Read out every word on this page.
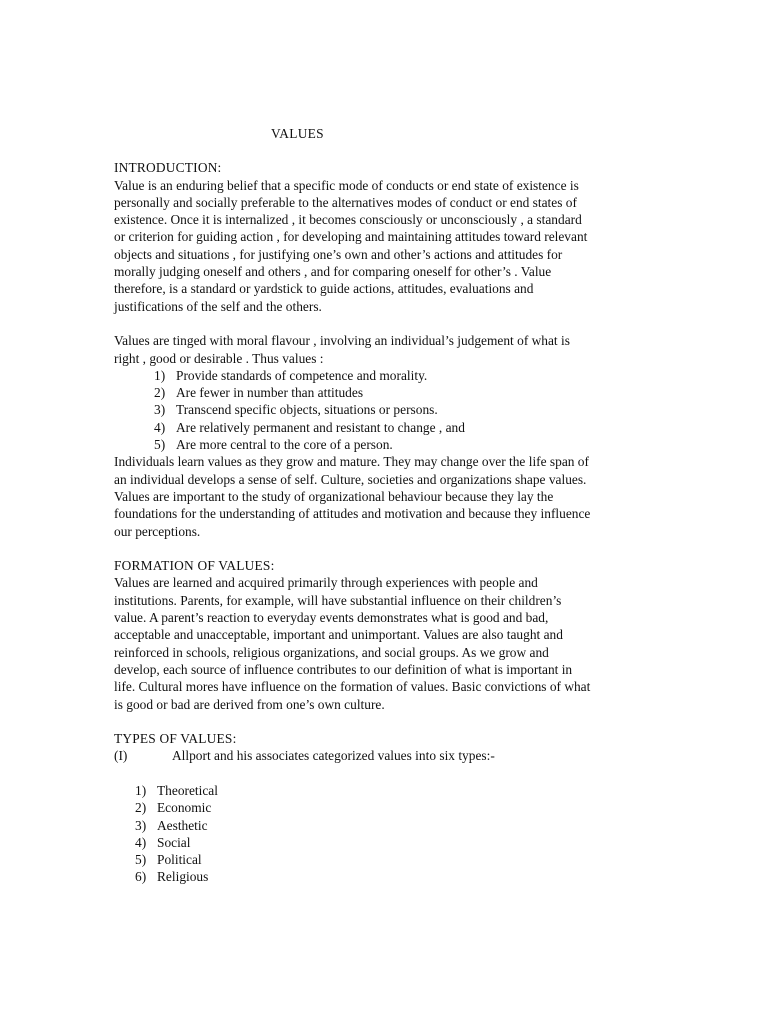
VALUES

INTRODUCTION:

Value is an enduring belief that a specific mode of conducts or end state of existence is
personally and socially preferable to the alternatives modes of conduct or end states of
existence. Once it is internalized , it becomes consciously or unconsciously , a standard
or criterion for guiding action , for developing and maintaining attitudes toward relevant
objects and situations , for justifying one’s own and other’s actions and attitudes for
morally judging oneself and others , and for comparing oneself for other’s . Value
therefore, is a standard or yardstick to guide actions, attitudes, evaluations and
justifications of the self and the others.
Values are tinged with moral flavour , involving an individual’s judgement of what is
right , good or desirable . Thus values :
1) Provide standards of competence and morality.
2) Are fewer in number than attitudes
3) Transcend specific objects, situations or persons.
4) Are relatively permanent and resistant to change , and
5) Are more central to the core of a person.
Individuals learn values as they grow and mature. They may change over the life span of
an individual develops a sense of self. Culture, societies and organizations shape values.
Values are important to the study of organizational behaviour because they lay the
foundations for the understanding of attitudes and motivation and because they influence
our perceptions.

FORMATION OF VALUES:

Values are learned and acquired primarily through experiences with people and
institutions. Parents, for example, will have substantial influence on their children’s
value. A parent’s reaction to everyday events demonstrates what is good and bad,
acceptable and unacceptable, important and unimportant. Values are also taught and
reinforced in schools, religious organizations, and social groups. As we grow and
develop, each source of influence contributes to our definition of what is important in
life. Cultural mores have influence on the formation of values. Basic convictions of what
is good or bad are derived from one’s own culture.

TYPES OF VALUES:

(I)	Allport and his associates categorized values into six types:-
1) Theoretical
2) Economic
3) Aesthetic
4) Social
5) Political
6) Religious
